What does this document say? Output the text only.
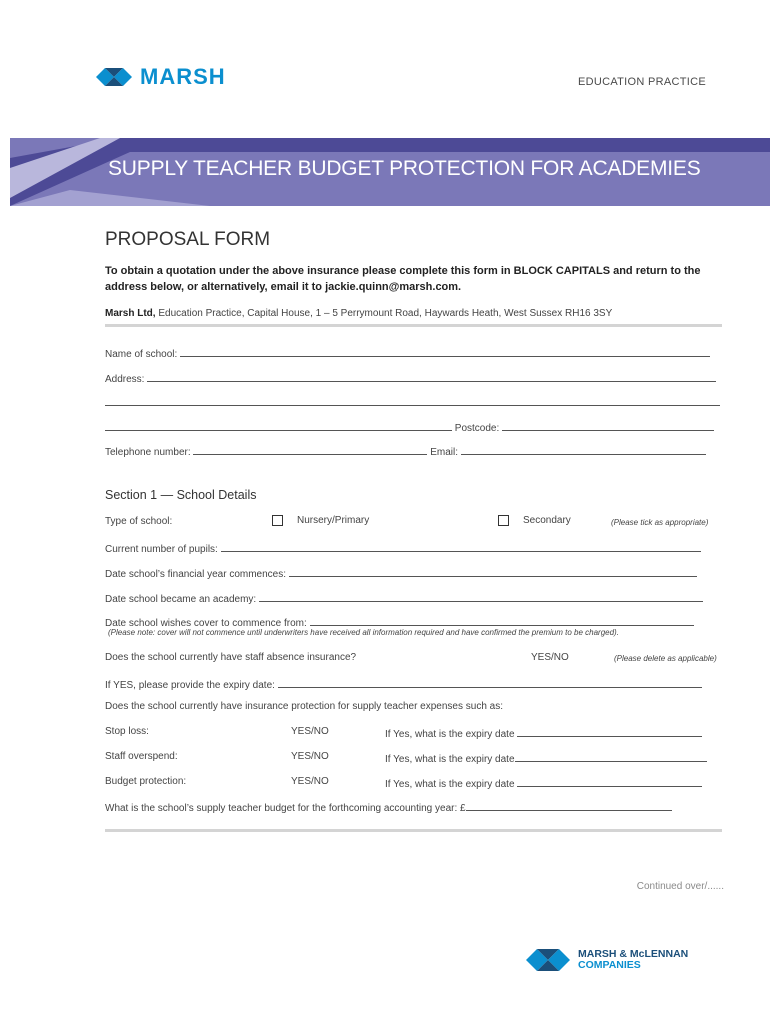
MARSH	EDUCATION PRACTICE
SUPPLY TEACHER BUDGET PROTECTION FOR ACADEMIES
PROPOSAL FORM
To obtain a quotation under the above insurance please complete this form in BLOCK CAPITALS and return to the address below, or alternatively, email it to jackie.quinn@marsh.com.
Marsh Ltd, Education Practice, Capital House, 1 – 5 Perrymount Road, Haywards Heath, West Sussex RH16 3SY
Name of school:
Address:
Postcode:
Telephone number:	Email:
Section 1 — School Details
Type of school:	Nursery/Primary	Secondary	(Please tick as appropriate)
Current number of pupils:
Date school’s financial year commences:
Date school became an academy:
Date school wishes cover to commence from:
(Please note: cover will not commence until underwriters have received all information required and have confirmed the premium to be charged).
Does the school currently have staff absence insurance?	YES/NO	(Please delete as applicable)
If YES, please provide the expiry date:
Does the school currently have insurance protection for supply teacher expenses such as:
Stop loss:	YES/NO	If Yes, what is the expiry date
Staff overspend:	YES/NO	If Yes, what is the expiry date
Budget protection:	YES/NO	If Yes, what is the expiry date
What is the school’s supply teacher budget for the forthcoming accounting year: £
Continued over/......
MARSH & McLENNAN
COMPANIES
